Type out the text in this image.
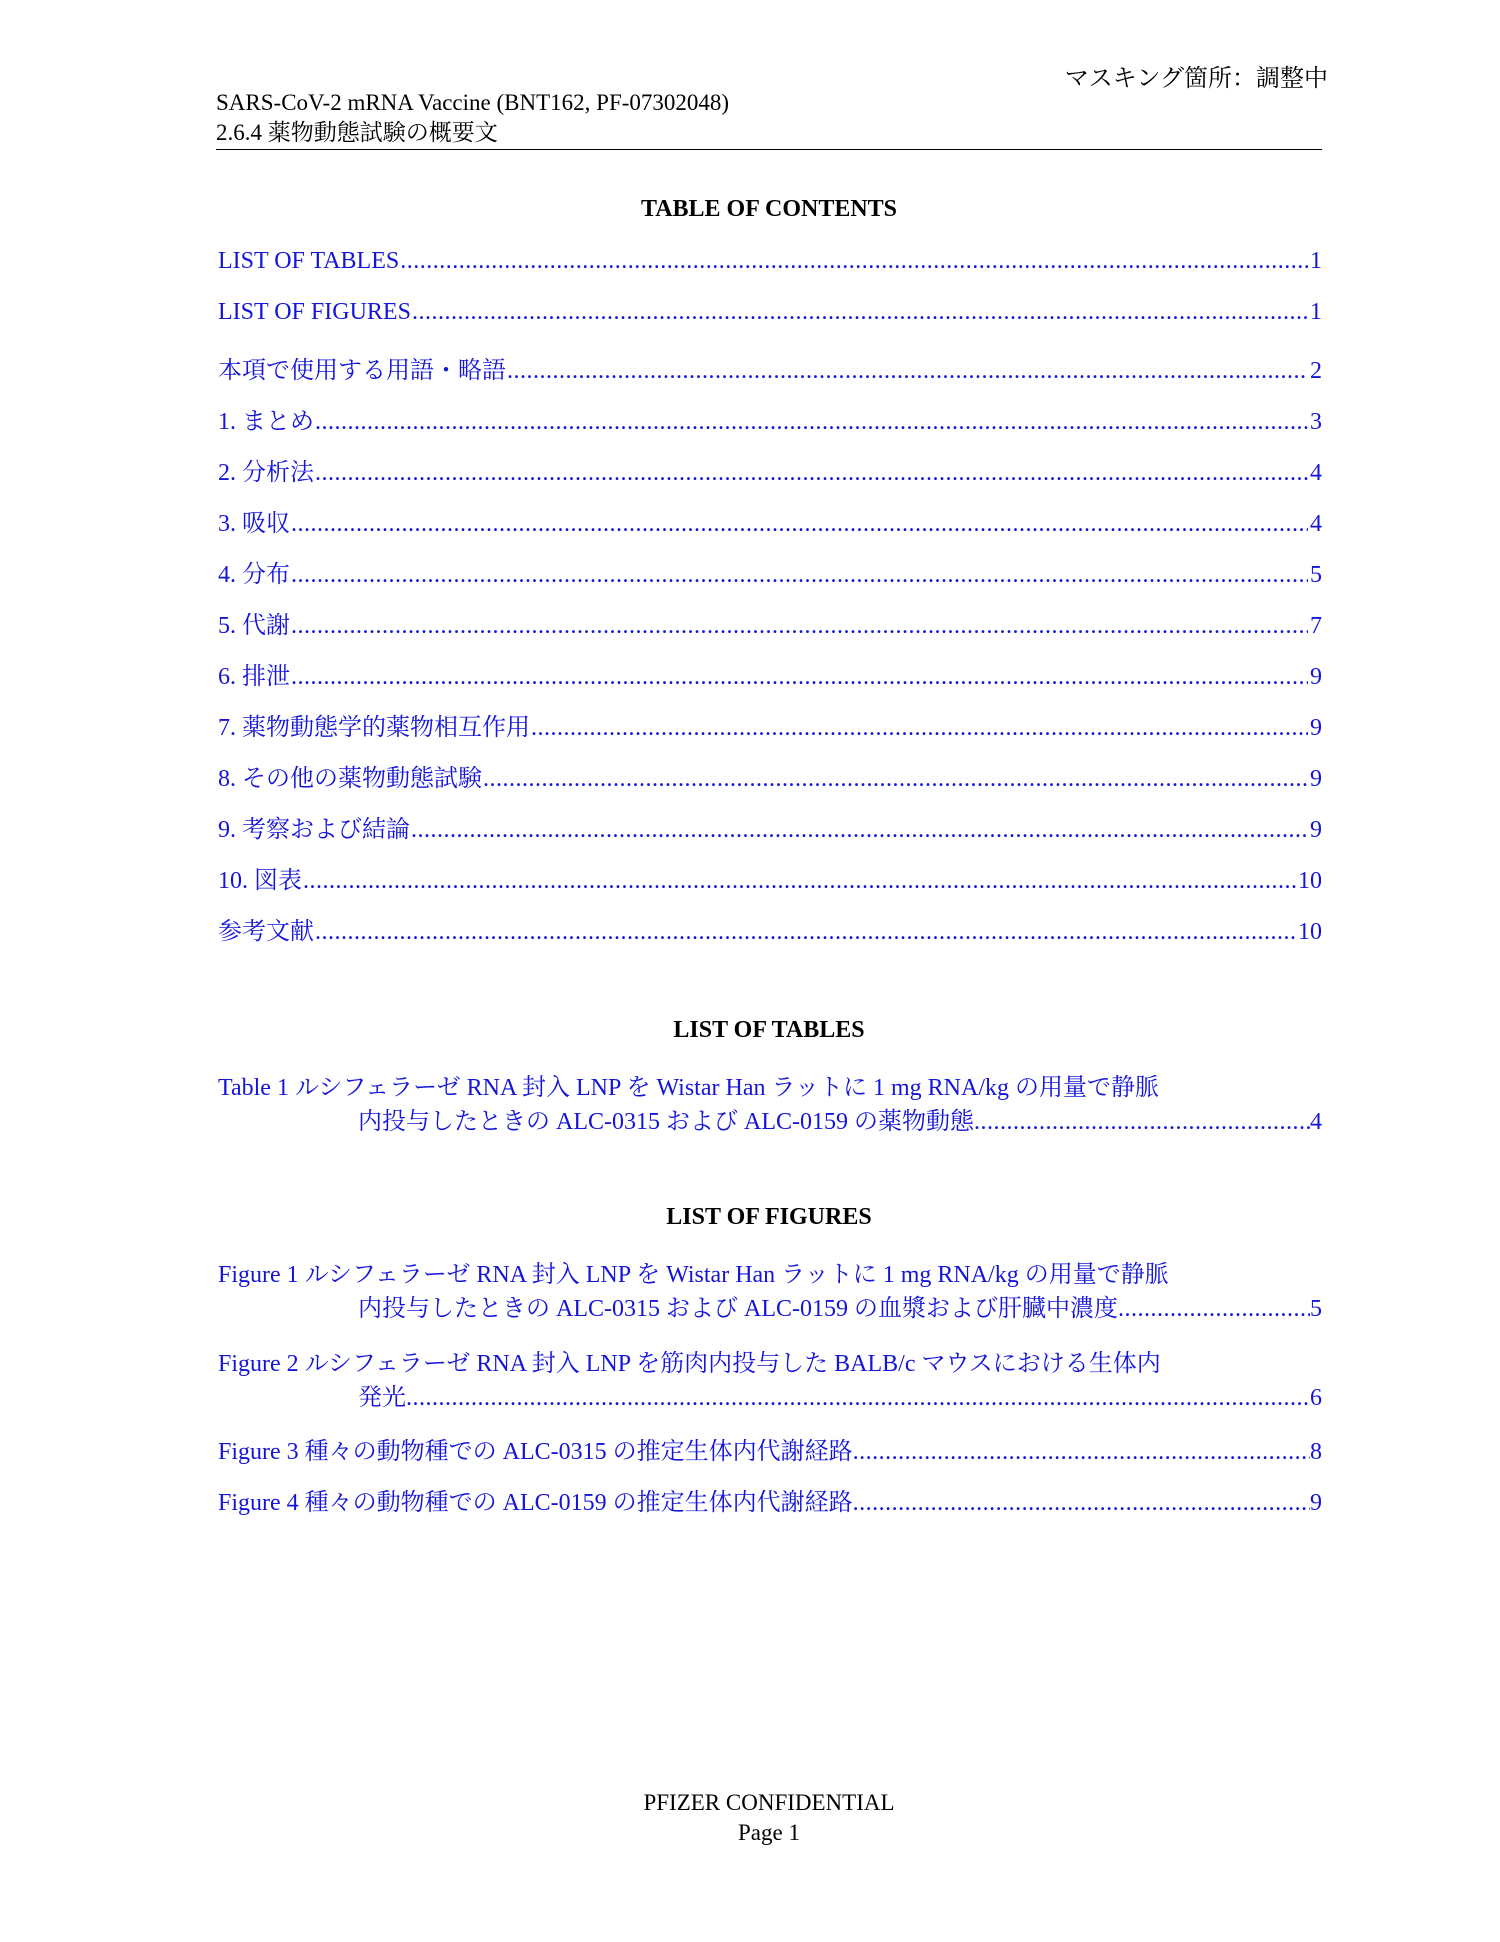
マスキング箇所：調整中
SARS-CoV-2 mRNA Vaccine (BNT162, PF-07302048)
2.6.4 薬物動態試験の概要文
TABLE OF CONTENTS
LIST OF TABLES .....	1
LIST OF FIGURES .....	1
本項で使用する用語・略語 .....	2
1. まとめ .....	3
2. 分析法 .....	4
3. 吸収 .....	4
4. 分布 .....	5
5. 代謝 .....	7
6. 排泄 .....	9
7. 薬物動態学的薬物相互作用 .....	9
8. その他の薬物動態試験 .....	9
9. 考察および結論 .....	9
10. 図表 .....	10
参考文献 .....	10
LIST OF TABLES
Table 1 ルシフェラーゼ RNA 封入 LNP を Wistar Han ラットに 1 mg RNA/kg の用量で静脈
内投与したときの ALC-0315 および ALC-0159 の薬物動態 .....	4
LIST OF FIGURES
Figure 1 ルシフェラーゼ RNA 封入 LNP を Wistar Han ラットに 1 mg RNA/kg の用量で静脈
内投与したときの ALC-0315 および ALC-0159 の血漿および肝臓中濃度 .....	5
Figure 2 ルシフェラーゼ RNA 封入 LNP を筋肉内投与した BALB/c マウスにおける生体内
発光 .....	6
Figure 3 種々の動物種での ALC-0315 の推定生体内代謝経路 .....	8
Figure 4 種々の動物種での ALC-0159 の推定生体内代謝経路 .....	9
PFIZER CONFIDENTIAL
Page 1
